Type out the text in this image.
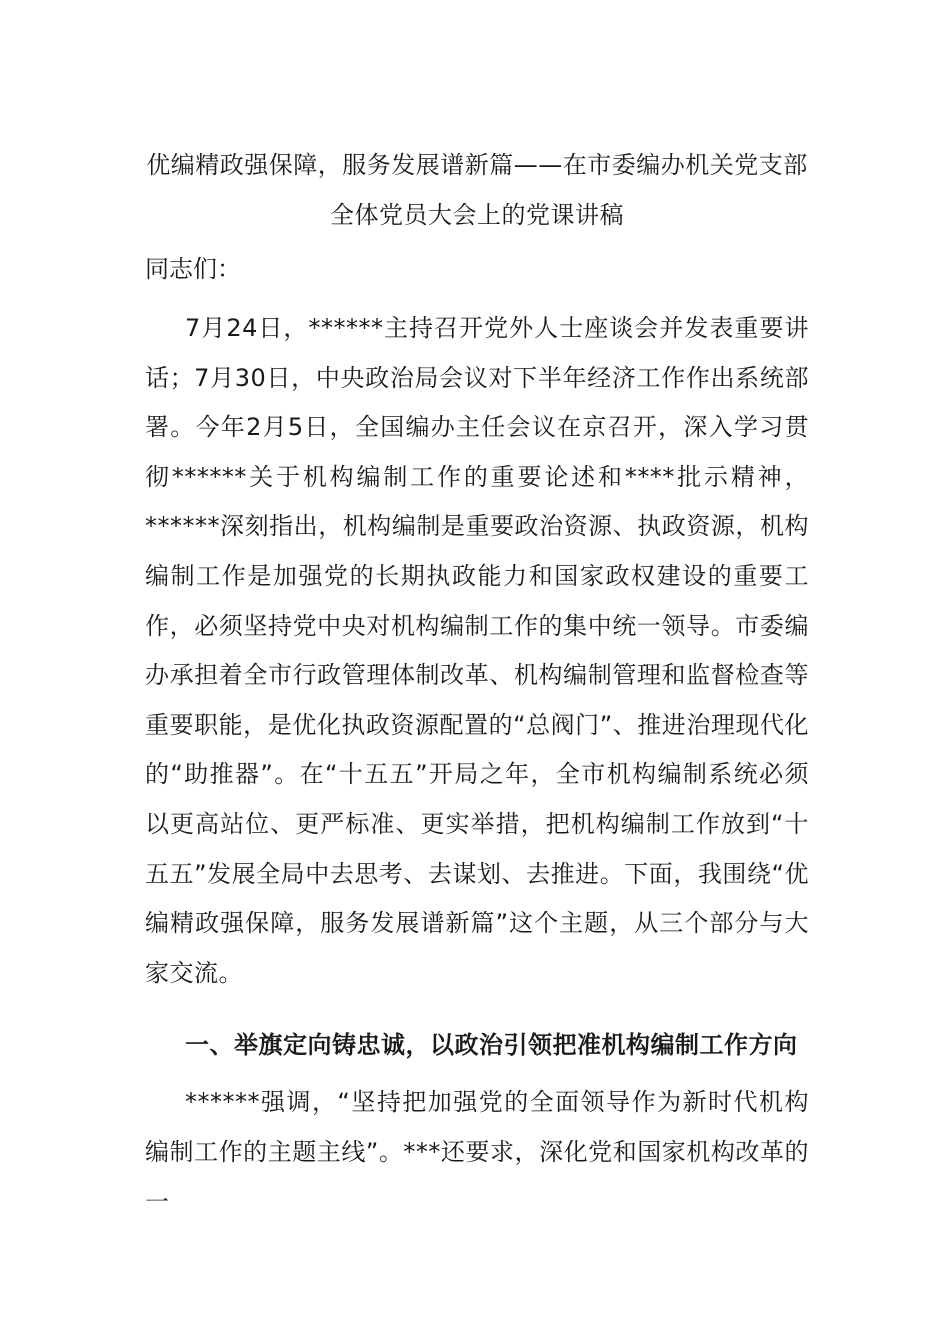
优编精政强保障，服务发展谱新篇——在市委编办机关党支部
全体党员大会上的党课讲稿

同志们：

7月24日，******主持召开党外人士座谈会并发表重要讲话；7月30日，中央政治局会议对下半年经济工作作出系统部署。今年2月5日，全国编办主任会议在京召开，深入学习贯彻******关于机构编制工作的重要论述和****批示精神，******深刻指出，机构编制是重要政治资源、执政资源，机构编制工作是加强党的长期执政能力和国家政权建设的重要工作，必须坚持党中央对机构编制工作的集中统一领导。市委编办承担着全市行政管理体制改革、机构编制管理和监督检查等重要职能，是优化执政资源配置的“总阀门”、推进治理现代化的“助推器”。在“十五五”开局之年，全市机构编制系统必须以更高站位、更严标准、更实举措，把机构编制工作放到“十五五”发展全局中去思考、去谋划、去推进。下面，我围绕“优编精政强保障，服务发展谱新篇”这个主题，从三个部分与大家交流。

一、举旗定向铸忠诚，以政治引领把准机构编制工作方向

******强调，“坚持把加强党的全面领导作为新时代机构编制工作的主题主线”。***还要求，深化党和国家机构改革的一
